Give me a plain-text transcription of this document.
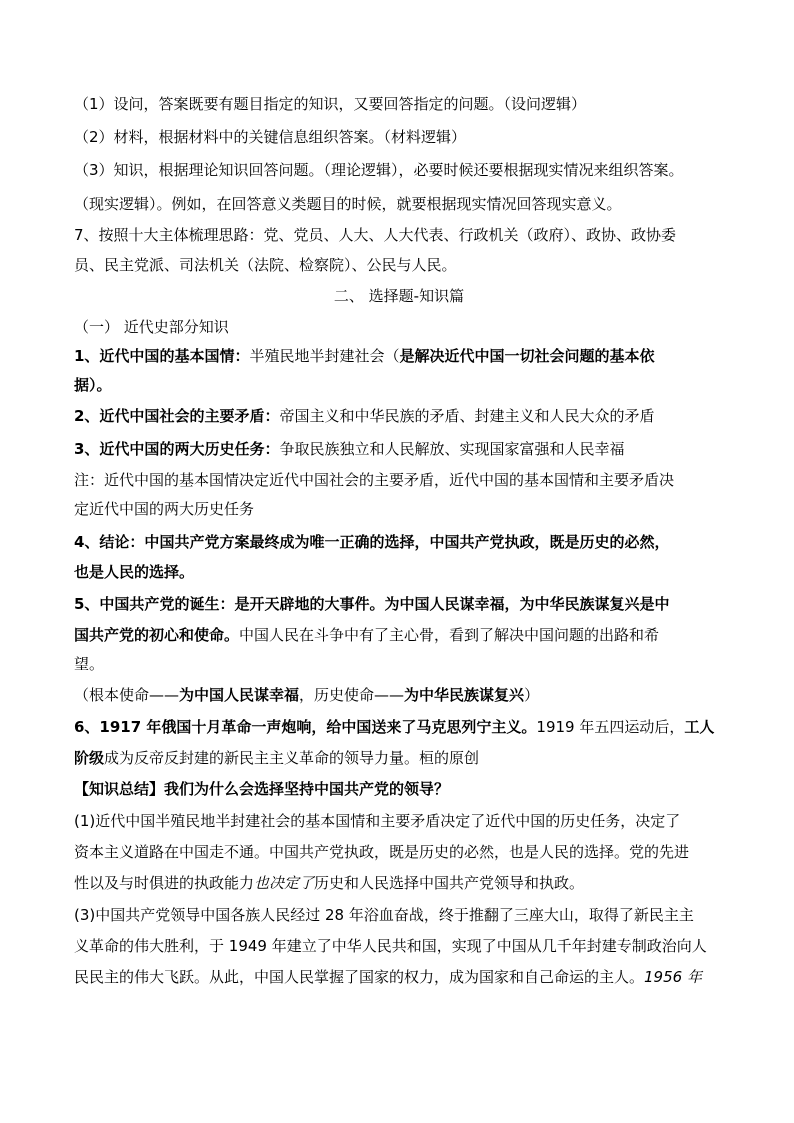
（1）设问，答案既要有题目指定的知识，又要回答指定的问题。（设问逻辑）
（2）材料，根据材料中的关键信息组织答案。（材料逻辑）
（3）知识，根据理论知识回答问题。（理论逻辑），必要时候还要根据现实情况来组织答案。
（现实逻辑）。例如，在回答意义类题目的时候，就要根据现实情况回答现实意义。
7、按照十大主体梳理思路：党、党员、人大、人大代表、行政机关（政府）、政协、政协委
员、民主党派、司法机关（法院、检察院）、公民与人民。
二、 选择题-知识篇
（一） 近代史部分知识
1、近代中国的基本国情：半殖民地半封建社会（是解决近代中国一切社会问题的基本依
据）。
2、近代中国社会的主要矛盾：帝国主义和中华民族的矛盾、封建主义和人民大众的矛盾
3、近代中国的两大历史任务：争取民族独立和人民解放、实现国家富强和人民幸福
注：近代中国的基本国情决定近代中国社会的主要矛盾，近代中国的基本国情和主要矛盾决
定近代中国的两大历史任务
4、结论：中国共产党方案最终成为唯一正确的选择，中国共产党执政，既是历史的必然，
也是人民的选择。
5、中国共产党的诞生：是开天辟地的大事件。为中国人民谋幸福，为中华民族谋复兴是中
国共产党的初心和使命。中国人民在斗争中有了主心骨，看到了解决中国问题的出路和希
望。
（根本使命——为中国人民谋幸福，历史使命——为中华民族谋复兴）
6、1917 年俄国十月革命一声炮响，给中国送来了马克思列宁主义。1919 年五四运动后，工人
阶级成为反帝反封建的新民主主义革命的领导力量。桓的原创
【知识总结】我们为什么会选择坚持中国共产党的领导？
(1)近代中国半殖民地半封建社会的基本国情和主要矛盾决定了近代中国的历史任务，决定了
资本主义道路在中国走不通。中国共产党执政，既是历史的必然，也是人民的选择。党的先进
性以及与时俱进的执政能力也决定了历史和人民选择中国共产党领导和执政。
(3)中国共产党领导中国各族人民经过 28 年浴血奋战，终于推翻了三座大山，取得了新民主主
义革命的伟大胜利，于 1949 年建立了中华人民共和国，实现了中国从几千年封建专制政治向人
民民主的伟大飞跃。从此，中国人民掌握了国家的权力，成为国家和自己命运的主人。1956 年
